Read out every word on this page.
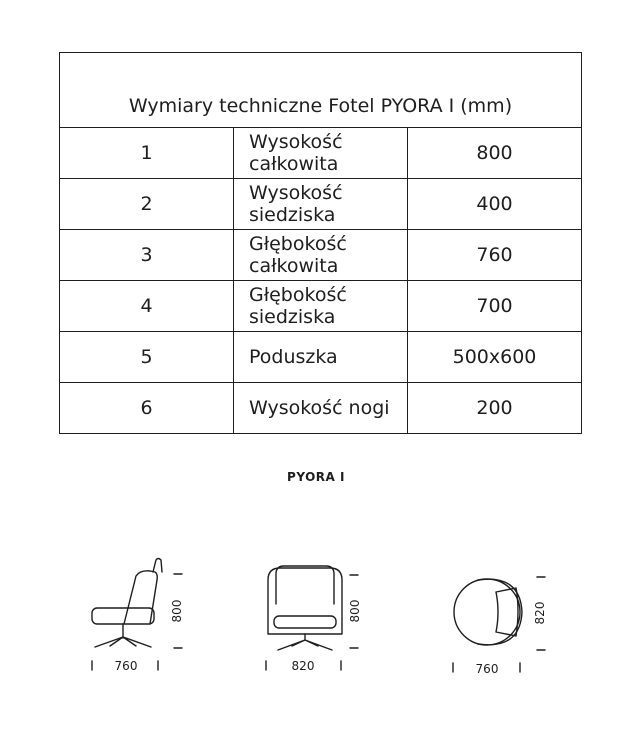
Wymiary techniczne Fotel PYORA I (mm)		
1	Wysokość całkowita	800
2	Wysokość siedziska	400
3	Głębokość całkowita	760
4	Głębokość siedziska	700
5	Poduszka	500x600
6	Wysokość nogi	200
PYORA I
800
760
800
820
820
760
